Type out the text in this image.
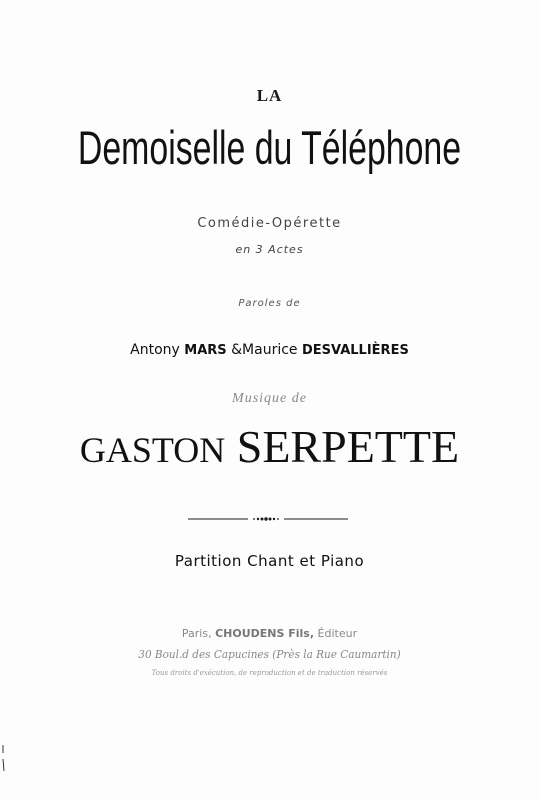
LA
Demoiselle du Téléphone
Comédie-Opérette
en 3 Actes
Paroles de
Antony MARS &Maurice DESVALLIÈRES
Musique de
GASTON SERPETTE
Partition Chant et Piano
Paris, CHOUDENS Fils, Éditeur
30 Boul.d des Capucines (Près la Rue Caumartin)
Tous droits d'exécution, de reproduction et de traduction réservés
